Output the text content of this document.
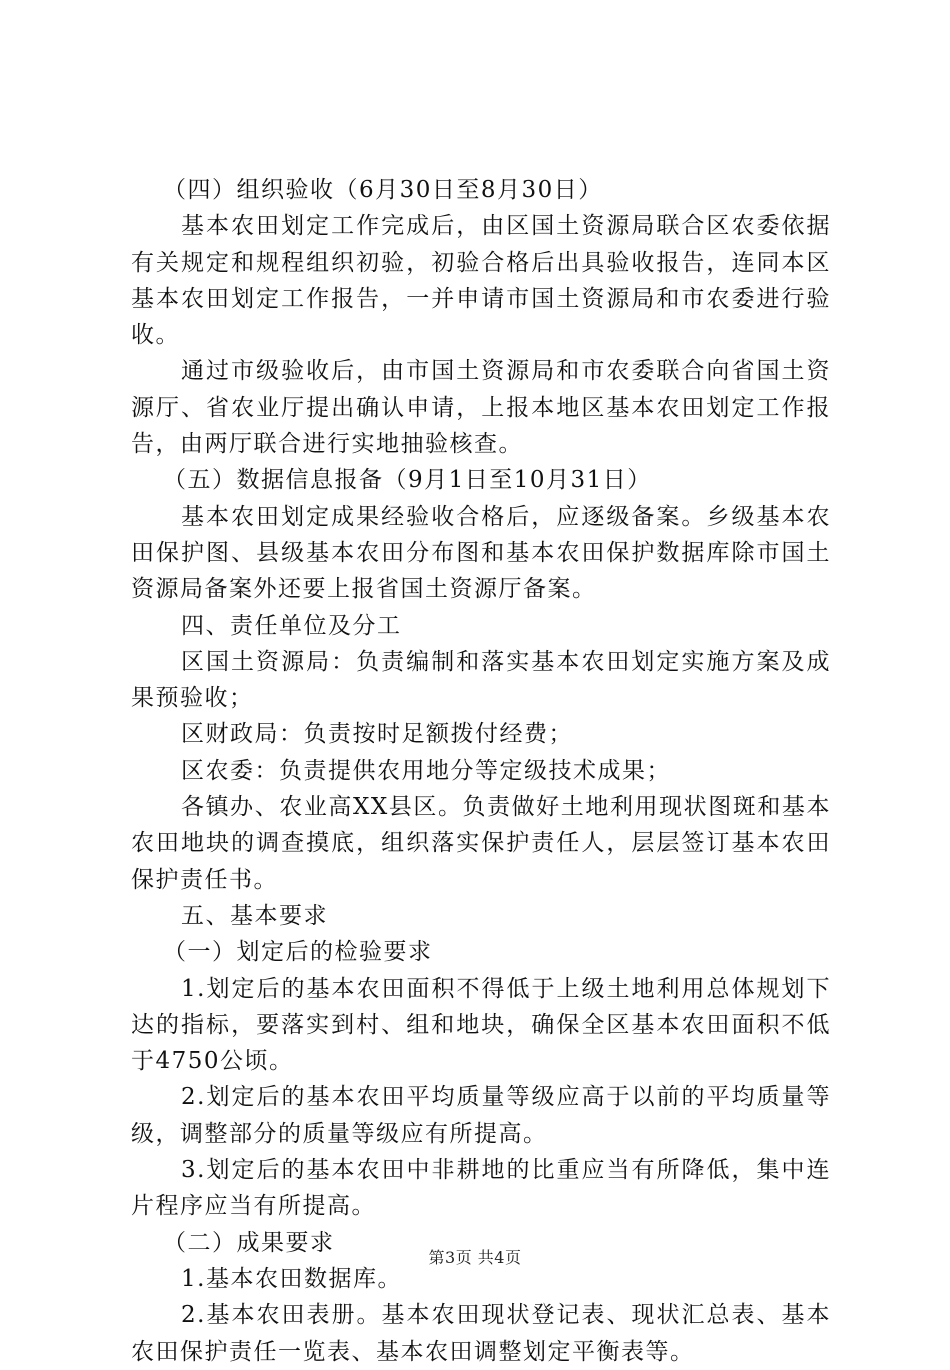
（四）组织验收（6月30日至8月30日）

基本农田划定工作完成后，由区国土资源局联合区农委依据有关规定和规程组织初验，初验合格后出具验收报告，连同本区基本农田划定工作报告，一并申请市国土资源局和市农委进行验收。

通过市级验收后，由市国土资源局和市农委联合向省国土资源厅、省农业厅提出确认申请，上报本地区基本农田划定工作报告，由两厅联合进行实地抽验核查。

（五）数据信息报备（9月1日至10月31日）

基本农田划定成果经验收合格后，应逐级备案。乡级基本农田保护图、县级基本农田分布图和基本农田保护数据库除市国土资源局备案外还要上报省国土资源厅备案。

四、责任单位及分工

区国土资源局：负责编制和落实基本农田划定实施方案及成果预验收；

区财政局：负责按时足额拨付经费；

区农委：负责提供农用地分等定级技术成果；

各镇办、农业高XX县区。负责做好土地利用现状图斑和基本农田地块的调查摸底，组织落实保护责任人，层层签订基本农田保护责任书。

五、基本要求

（一）划定后的检验要求

1.划定后的基本农田面积不得低于上级土地利用总体规划下达的指标，要落实到村、组和地块，确保全区基本农田面积不低于4750公顷。

2.划定后的基本农田平均质量等级应高于以前的平均质量等级，调整部分的质量等级应有所提高。

3.划定后的基本农田中非耕地的比重应当有所降低，集中连片程序应当有所提高。

（二）成果要求

1.基本农田数据库。

2.基本农田表册。基本农田现状登记表、现状汇总表、基本农田保护责任一览表、基本农田调整划定平衡表等。

第3页 共4页
